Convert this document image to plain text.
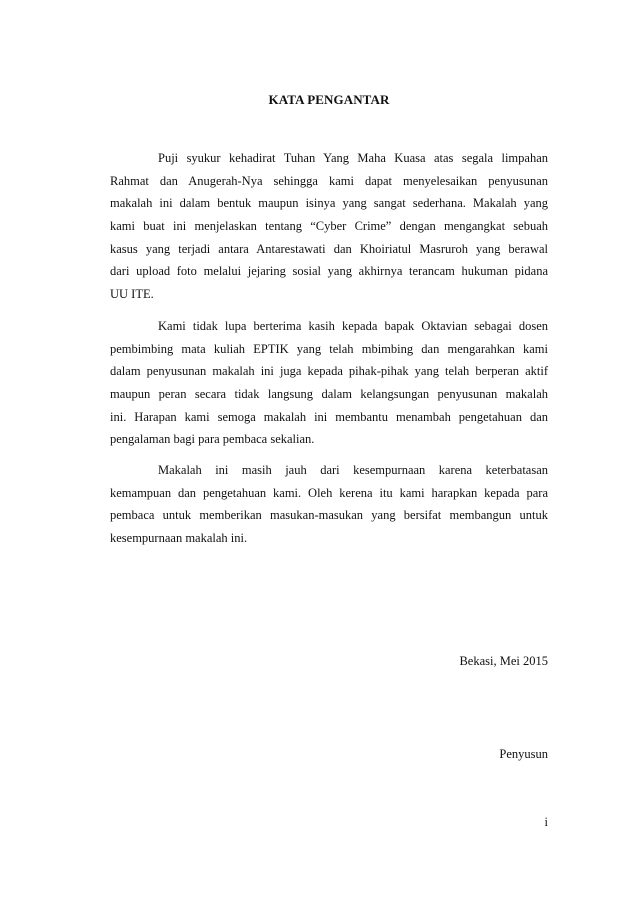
KATA PENGANTAR
Puji syukur kehadirat Tuhan Yang Maha Kuasa atas segala limpahan
Rahmat dan Anugerah-Nya sehingga kami dapat menyelesaikan penyusunan
makalah ini dalam bentuk maupun isinya yang sangat sederhana. Makalah yang
kami buat ini menjelaskan tentang “Cyber Crime” dengan mengangkat sebuah
kasus yang terjadi antara Antarestawati dan Khoiriatul Masruroh yang berawal
dari upload foto melalui jejaring sosial yang akhirnya terancam hukuman pidana
UU ITE.
Kami tidak lupa berterima kasih kepada bapak Oktavian sebagai dosen
pembimbing mata kuliah EPTIK yang telah mbimbing dan mengarahkan kami
dalam penyusunan makalah ini juga kepada pihak-pihak yang telah berperan aktif
maupun peran secara tidak langsung dalam kelangsungan penyusunan makalah
ini. Harapan kami semoga makalah ini membantu menambah pengetahuan dan
pengalaman bagi para pembaca sekalian.
Makalah ini masih jauh dari kesempurnaan karena keterbatasan
kemampuan dan pengetahuan kami. Oleh kerena itu kami harapkan kepada para
pembaca untuk memberikan masukan-masukan yang bersifat membangun untuk
kesempurnaan makalah ini.
Bekasi, Mei 2015
Penyusun
i
